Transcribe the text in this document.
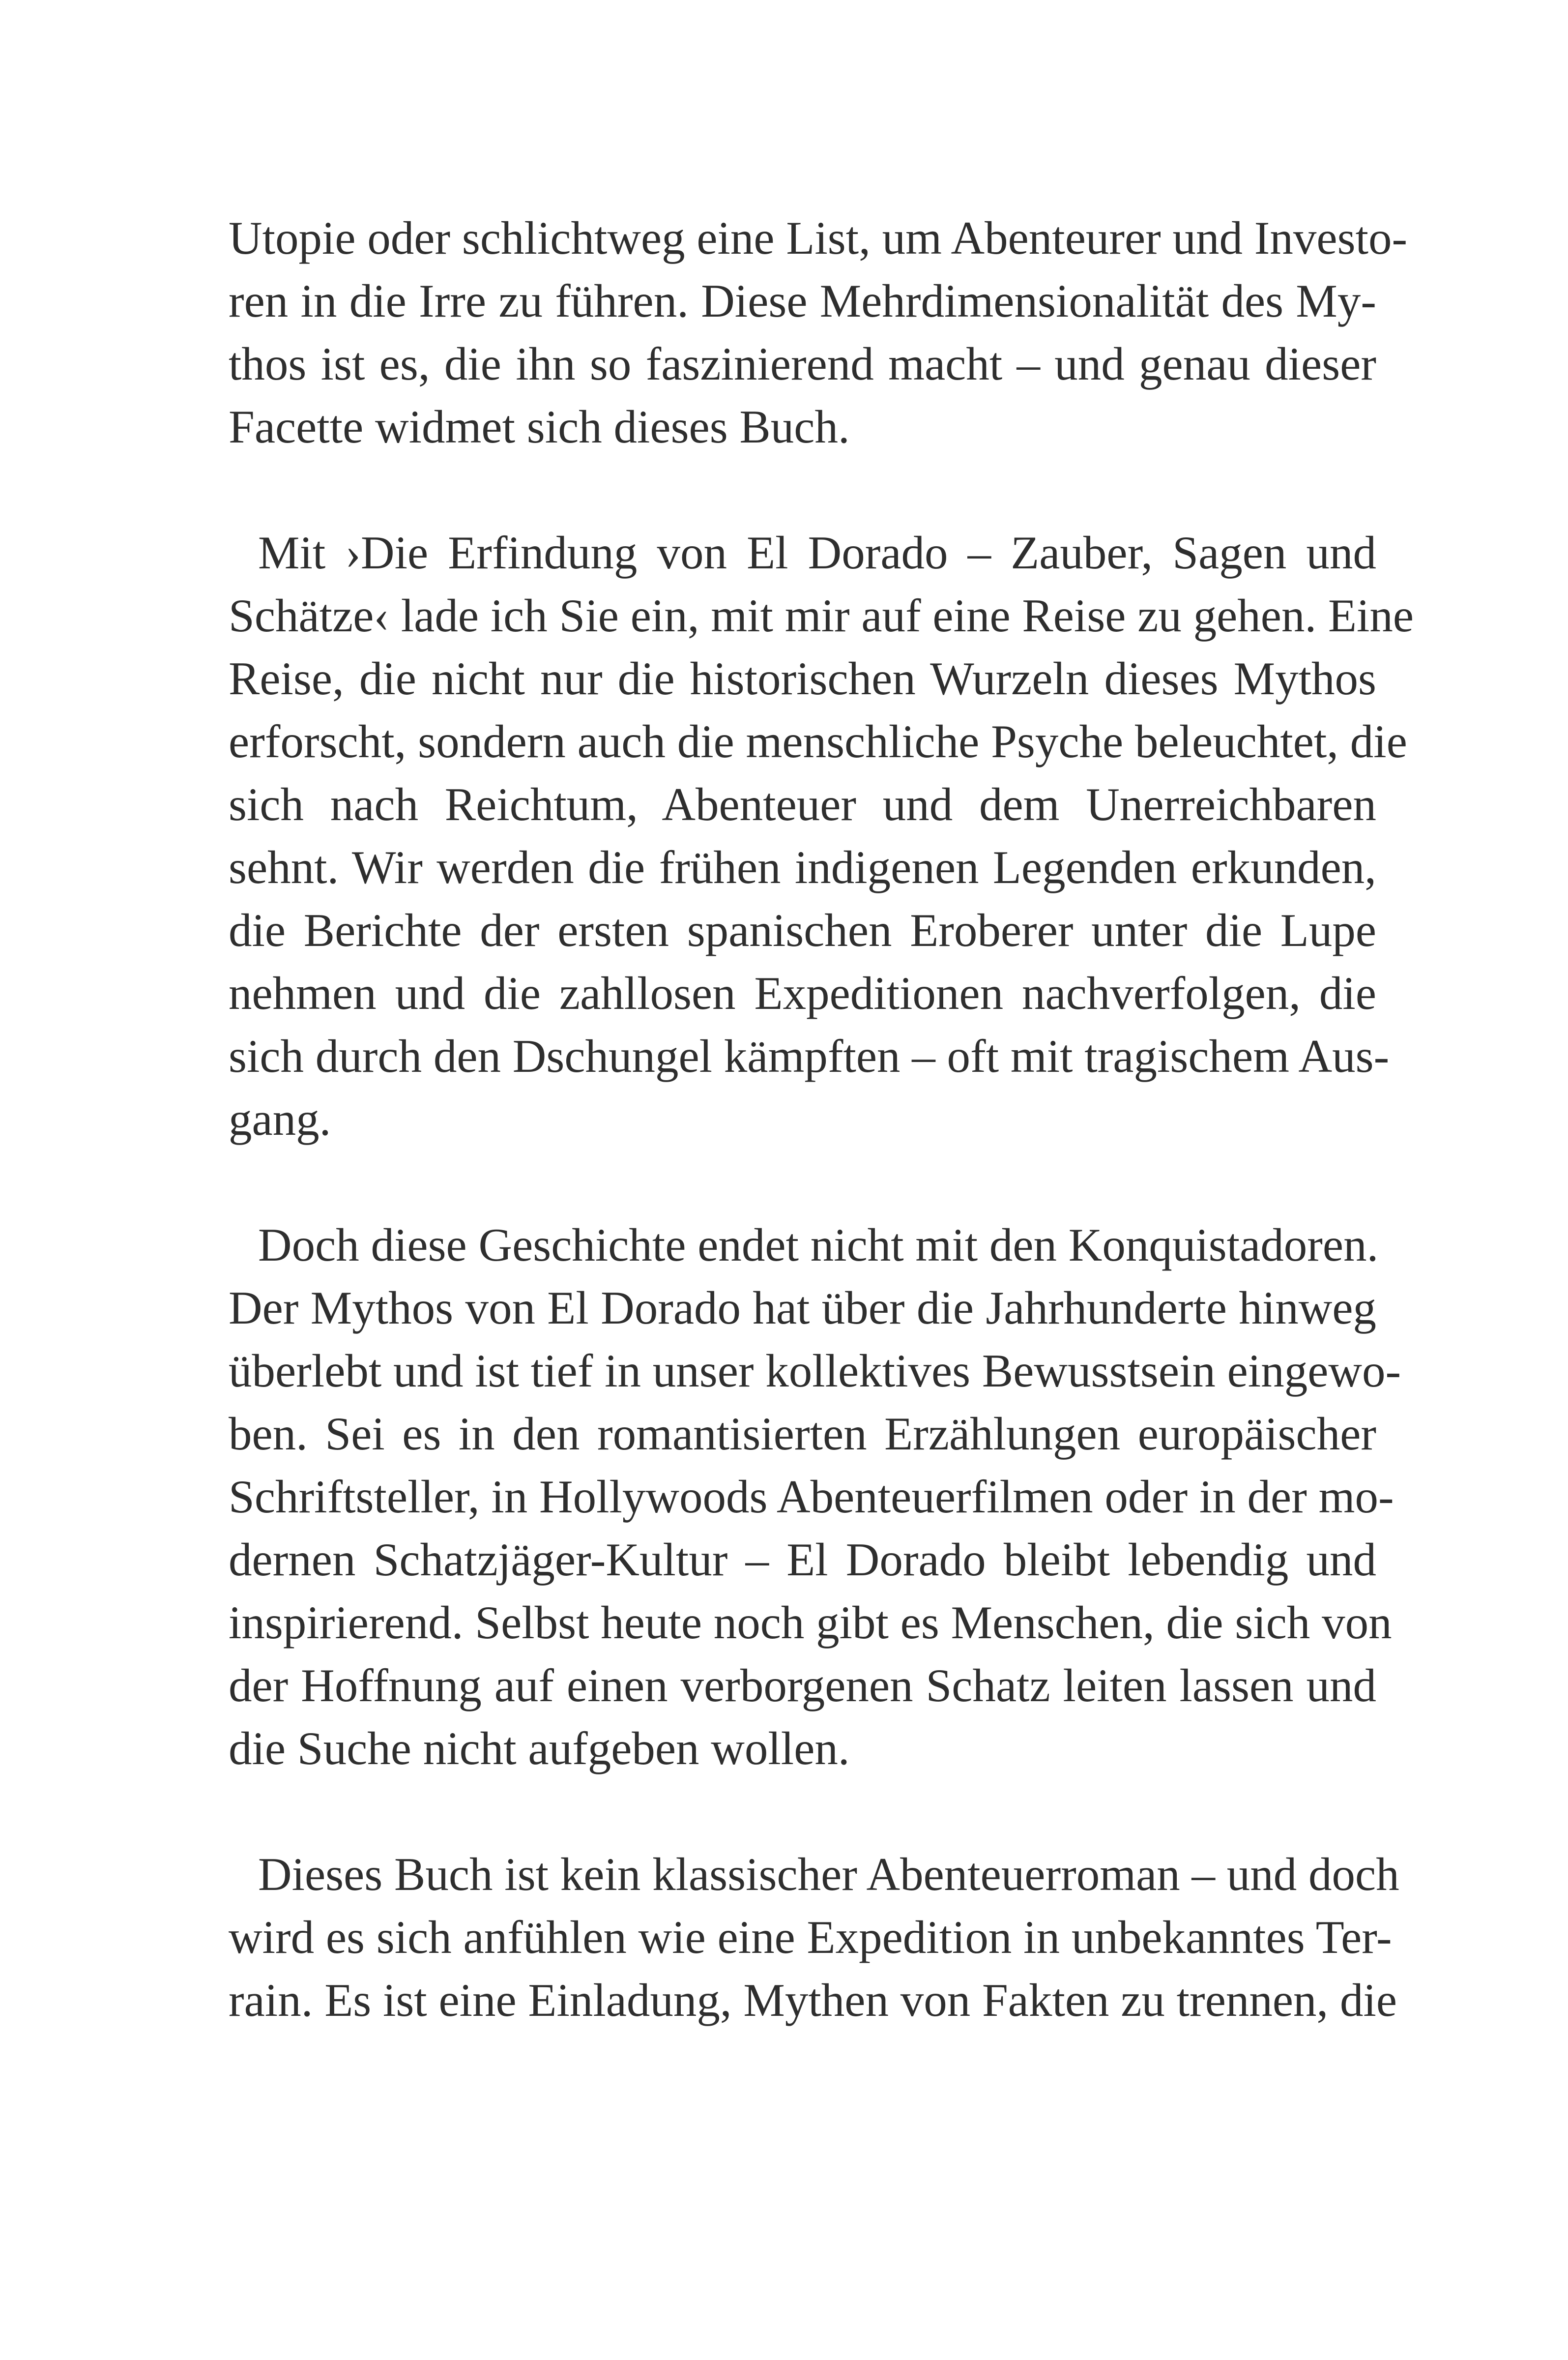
Utopie oder schlichtweg eine List, um Abenteurer und Investo-
ren in die Irre zu führen. Diese Mehrdimensionalität des My-
thos ist es, die ihn so faszinierend macht – und genau dieser
Facette widmet sich dieses Buch.
Mit ›Die Erfindung von El Dorado – Zauber, Sagen und
Schätze‹ lade ich Sie ein, mit mir auf eine Reise zu gehen. Eine
Reise, die nicht nur die historischen Wurzeln dieses Mythos
erforscht, sondern auch die menschliche Psyche beleuchtet, die
sich nach Reichtum, Abenteuer und dem Unerreichbaren
sehnt. Wir werden die frühen indigenen Legenden erkunden,
die Berichte der ersten spanischen Eroberer unter die Lupe
nehmen und die zahllosen Expeditionen nachverfolgen, die
sich durch den Dschungel kämpften – oft mit tragischem Aus-
gang.
Doch diese Geschichte endet nicht mit den Konquistadoren.
Der Mythos von El Dorado hat über die Jahrhunderte hinweg
überlebt und ist tief in unser kollektives Bewusstsein eingewo-
ben. Sei es in den romantisierten Erzählungen europäischer
Schriftsteller, in Hollywoods Abenteuerfilmen oder in der mo-
dernen Schatzjäger-Kultur – El Dorado bleibt lebendig und
inspirierend. Selbst heute noch gibt es Menschen, die sich von
der Hoffnung auf einen verborgenen Schatz leiten lassen und
die Suche nicht aufgeben wollen.
Dieses Buch ist kein klassischer Abenteuerroman – und doch
wird es sich anfühlen wie eine Expedition in unbekanntes Ter-
rain. Es ist eine Einladung, Mythen von Fakten zu trennen, die
